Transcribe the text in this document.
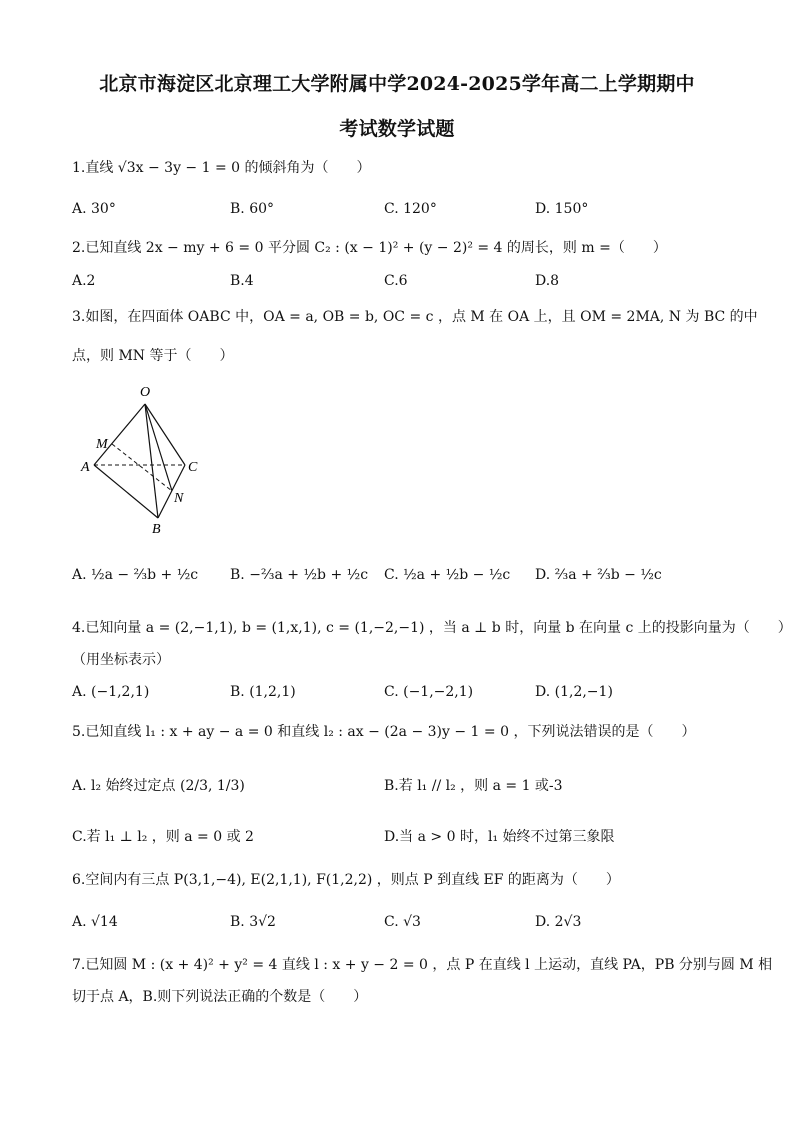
北京市海淀区北京理工大学附属中学2024-2025学年高二上学期期中
考试数学试题
1.直线 √3x − 3y − 1 = 0 的倾斜角为（　　）
A. 30°	B. 60°	C. 120°	D. 150°
2.已知直线 2x − my + 6 = 0 平分圆 C₂ : (x − 1)² + (y − 2)² = 4 的周长，则 m =（　　）
A.2	B.4	C.6	D.8
3.如图，在四面体 OABC 中，OA = a, OB = b, OC = c ，点 M 在 OA 上，且 OM = 2MA, N 为 BC 的中
点，则 MN 等于（　　）
O
M
A	C
N
B
A. ½a − ⅔b + ½c B. −⅔a + ½b + ½c C. ½a + ½b − ½c D. ⅔a + ⅔b − ½c
4.已知向量 a = (2,−1,1), b = (1,x,1), c = (1,−2,−1) ，当 a ⊥ b 时，向量 b 在向量 c 上的投影向量为（　　）
（用坐标表示）
A. (−1,2,1)	B. (1,2,1)	C. (−1,−2,1)	D. (1,2,−1)
5.已知直线 l₁ : x + ay − a = 0 和直线 l₂ : ax − (2a − 3)y − 1 = 0 ，下列说法错误的是（　　）
A. l₂ 始终过定点 (2/3, 1/3)	B.若 l₁ // l₂ ，则 a = 1 或-3
C.若 l₁ ⊥ l₂ ，则 a = 0 或 2	D.当 a > 0 时，l₁ 始终不过第三象限
6.空间内有三点 P(3,1,−4), E(2,1,1), F(1,2,2) ，则点 P 到直线 EF 的距离为（　　）
A. √14	B. 3√2	C. √3	D. 2√3
7.已知圆 M : (x + 4)² + y² = 4 直线 l : x + y − 2 = 0 ，点 P 在直线 l 上运动，直线 PA，PB 分别与圆 M 相
切于点 A，B.则下列说法正确的个数是（　　）
